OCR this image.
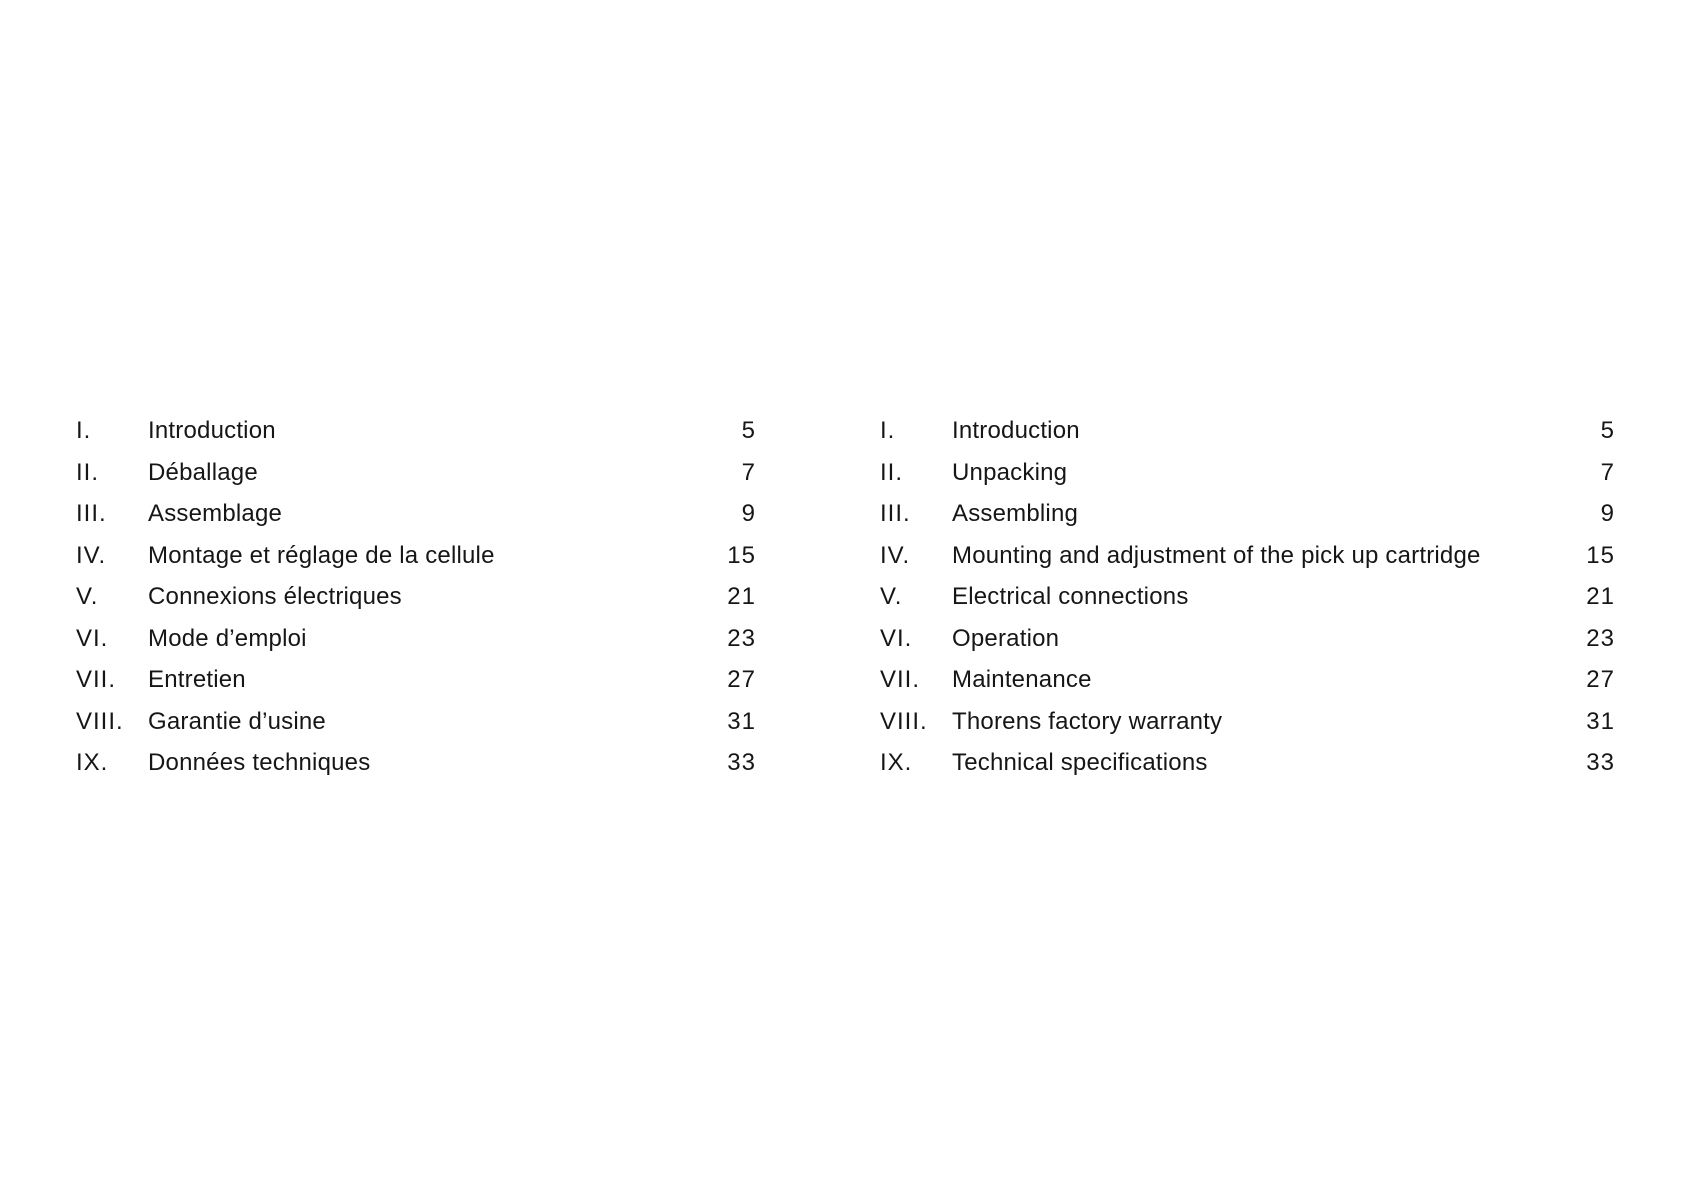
I. Introduction	5
II. Déballage	7
III. Assemblage	9
IV. Montage et réglage de la cellule	15
V. Connexions électriques	21
VI. Mode d’emploi	23
VII. Entretien	27
VIII. Garantie d’usine	31
IX. Données techniques	33
I. Introduction	5
II. Unpacking	7
III. Assembling	9
IV. Mounting and adjustment of the pick up cartridge	15
V. Electrical connections	21
VI. Operation	23
VII. Maintenance	27
VIII. Thorens factory warranty	31
IX. Technical specifications	33
